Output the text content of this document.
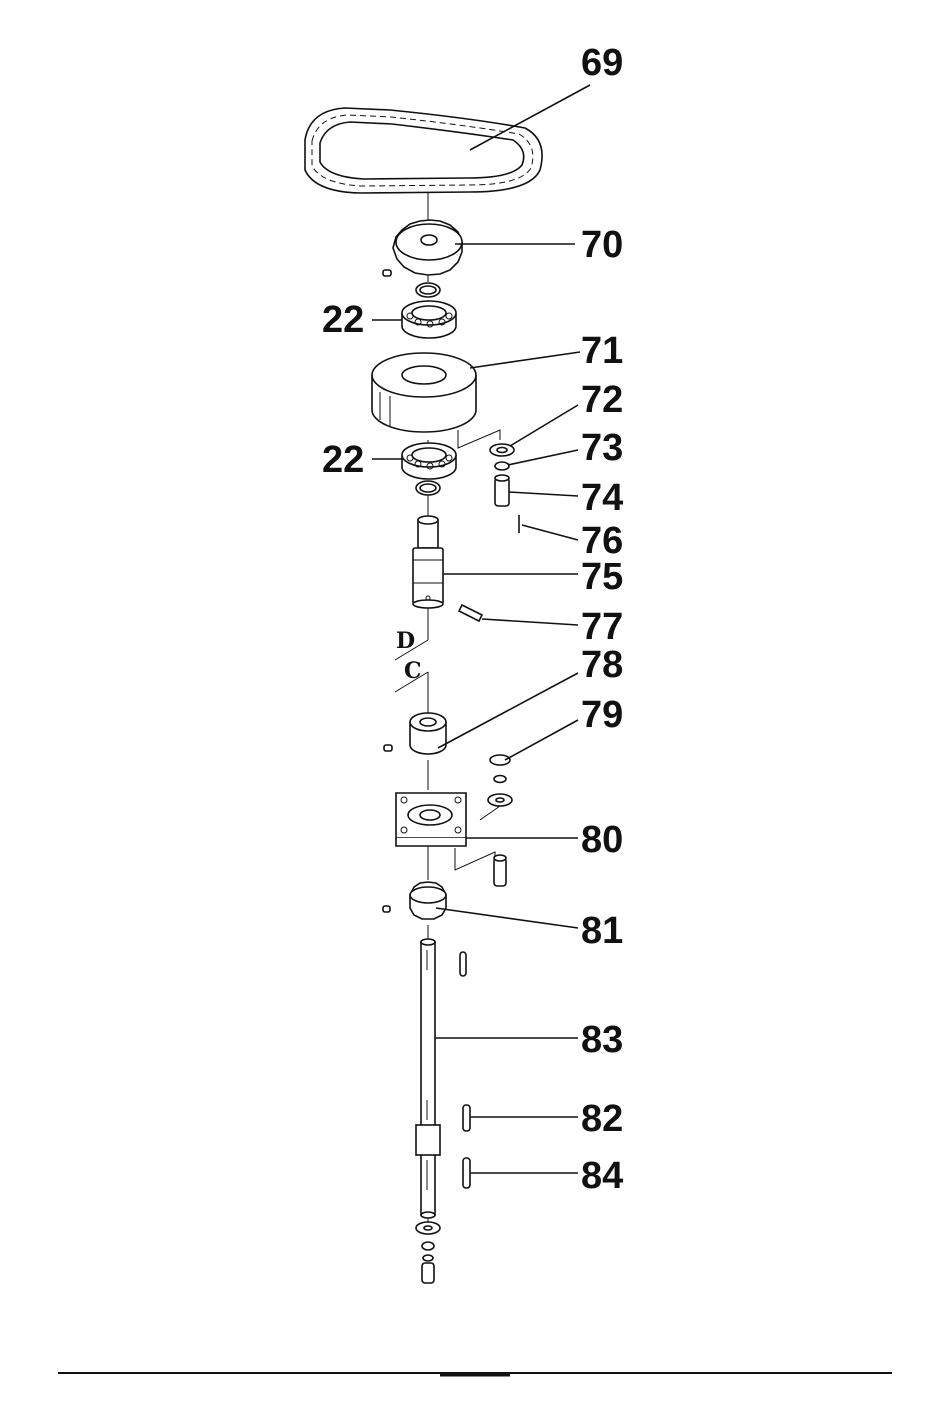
D
C
69
70
22
71
72
22	73
74
76
75
77
78
79
80
81
83
82
84
